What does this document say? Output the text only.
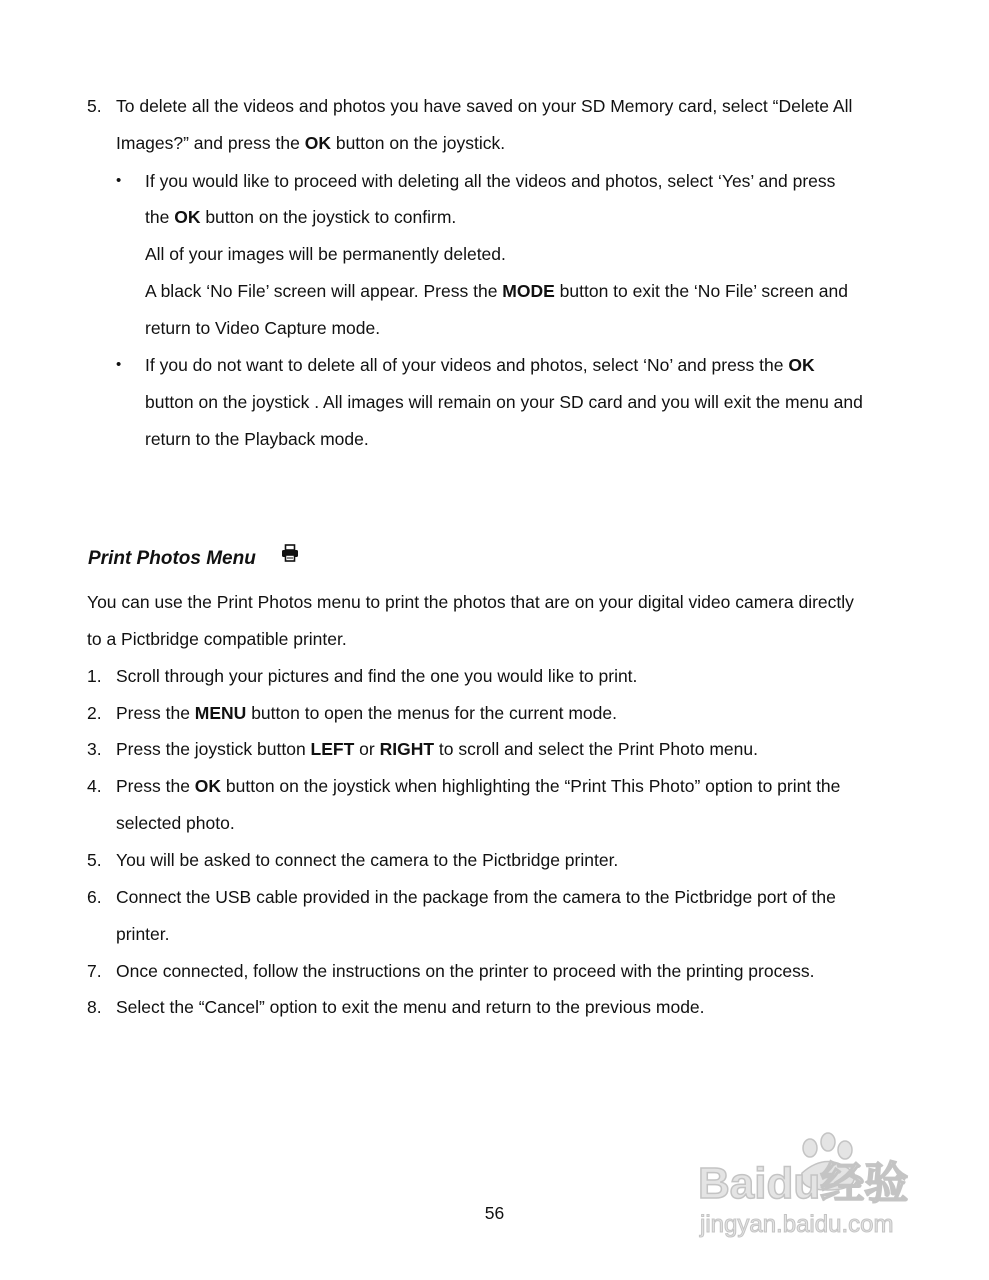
5. To delete all the videos and photos you have saved on your SD Memory card, select “Delete All
Images?” and press the OK button on the joystick.
• If you would like to proceed with deleting all the videos and photos, select ‘Yes’ and press
the OK button on the joystick to confirm.
All of your images will be permanently deleted.
A black ‘No File’ screen will appear. Press the MODE button to exit the ‘No File’ screen and
return to Video Capture mode.
• If you do not want to delete all of your videos and photos, select ‘No’ and press the OK
button on the joystick . All images will remain on your SD card and you will exit the menu and
return to the Playback mode.
Print Photos Menu
You can use the Print Photos menu to print the photos that are on your digital video camera directly
to a Pictbridge compatible printer.
1. Scroll through your pictures and find the one you would like to print.
2. Press the MENU button to open the menus for the current mode.
3. Press the joystick button LEFT or RIGHT to scroll and select the Print Photo menu.
4. Press the OK button on the joystick when highlighting the “Print This Photo” option to print the
selected photo.
5. You will be asked to connect the camera to the Pictbridge printer.
6. Connect the USB cable provided in the package from the camera to the Pictbridge port of the
printer.
7. Once connected, follow the instructions on the printer to proceed with the printing process.
8. Select the “Cancel” option to exit the menu and return to the previous mode.
56
Baidu经验
jingyan.baidu.com
